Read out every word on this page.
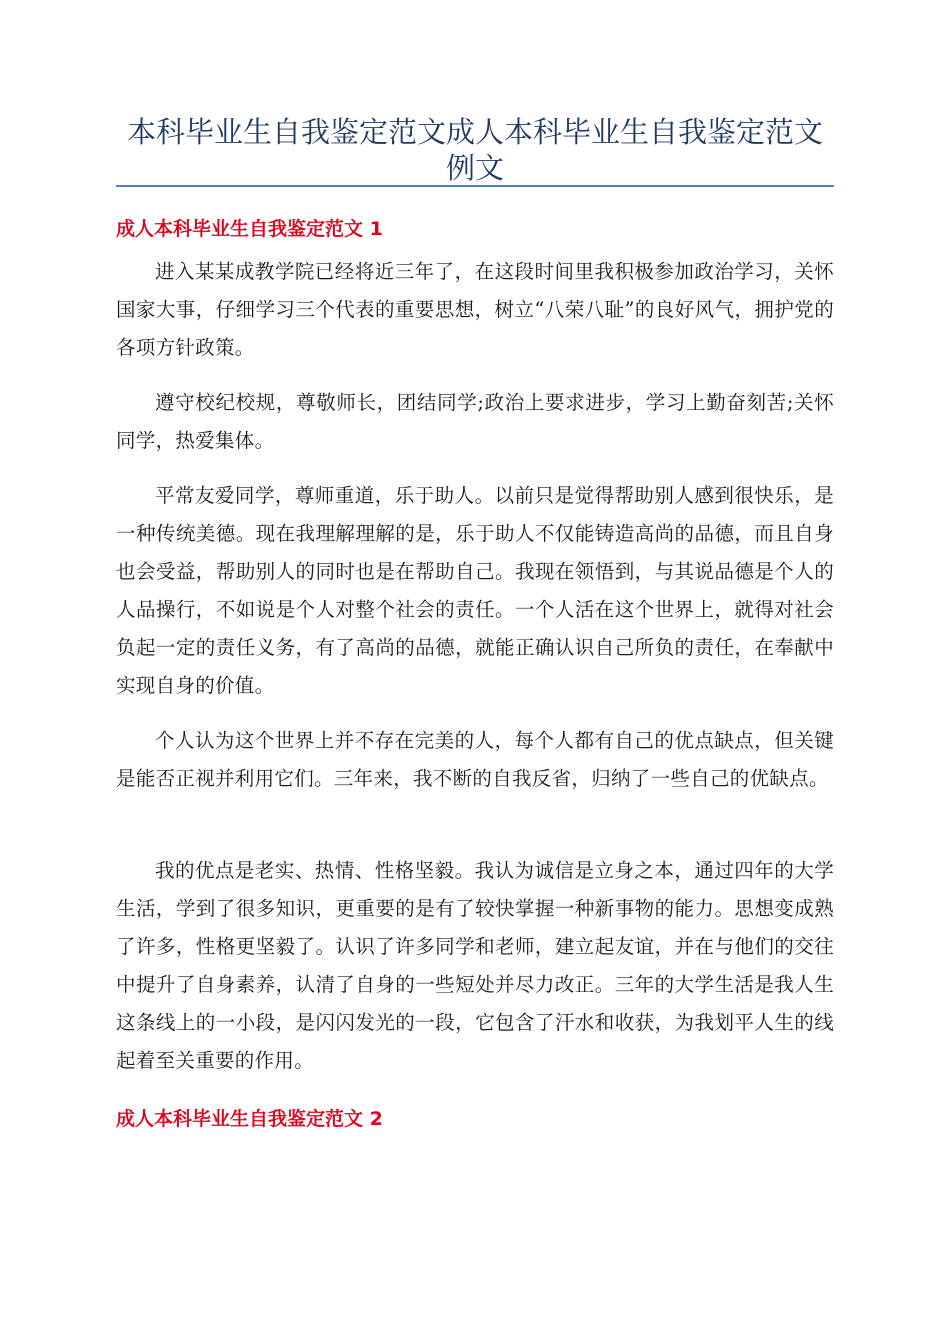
本科毕业生自我鉴定范文成人本科毕业生自我鉴定范文例文
成人本科毕业生自我鉴定范文 1

进入某某成教学院已经将近三年了，在这段时间里我积极参加政治学习，关怀国家大事，仔细学习三个代表的重要思想，树立“八荣八耻”的良好风气，拥护党的各项方针政策。

遵守校纪校规，尊敬师长，团结同学;政治上要求进步，学习上勤奋刻苦;关怀同学，热爱集体。

平常友爱同学，尊师重道，乐于助人。以前只是觉得帮助别人感到很快乐，是一种传统美德。现在我理解理解的是，乐于助人不仅能铸造高尚的品德，而且自身也会受益，帮助别人的同时也是在帮助自己。我现在领悟到，与其说品德是个人的人品操行，不如说是个人对整个社会的责任。一个人活在这个世界上，就得对社会负起一定的责任义务，有了高尚的品德，就能正确认识自己所负的责任，在奉献中实现自身的价值。

个人认为这个世界上并不存在完美的人，每个人都有自己的优点缺点，但关键是能否正视并利用它们。三年来，我不断的自我反省，归纳了一些自己的优缺点。

我的优点是老实、热情、性格坚毅。我认为诚信是立身之本，通过四年的大学生活，学到了很多知识，更重要的是有了较快掌握一种新事物的能力。思想变成熟了许多，性格更坚毅了。认识了许多同学和老师，建立起友谊，并在与他们的交往中提升了自身素养，认清了自身的一些短处并尽力改正。三年的大学生活是我人生这条线上的一小段，是闪闪发光的一段，它包含了汗水和收获，为我划平人生的线起着至关重要的作用。

成人本科毕业生自我鉴定范文 2
